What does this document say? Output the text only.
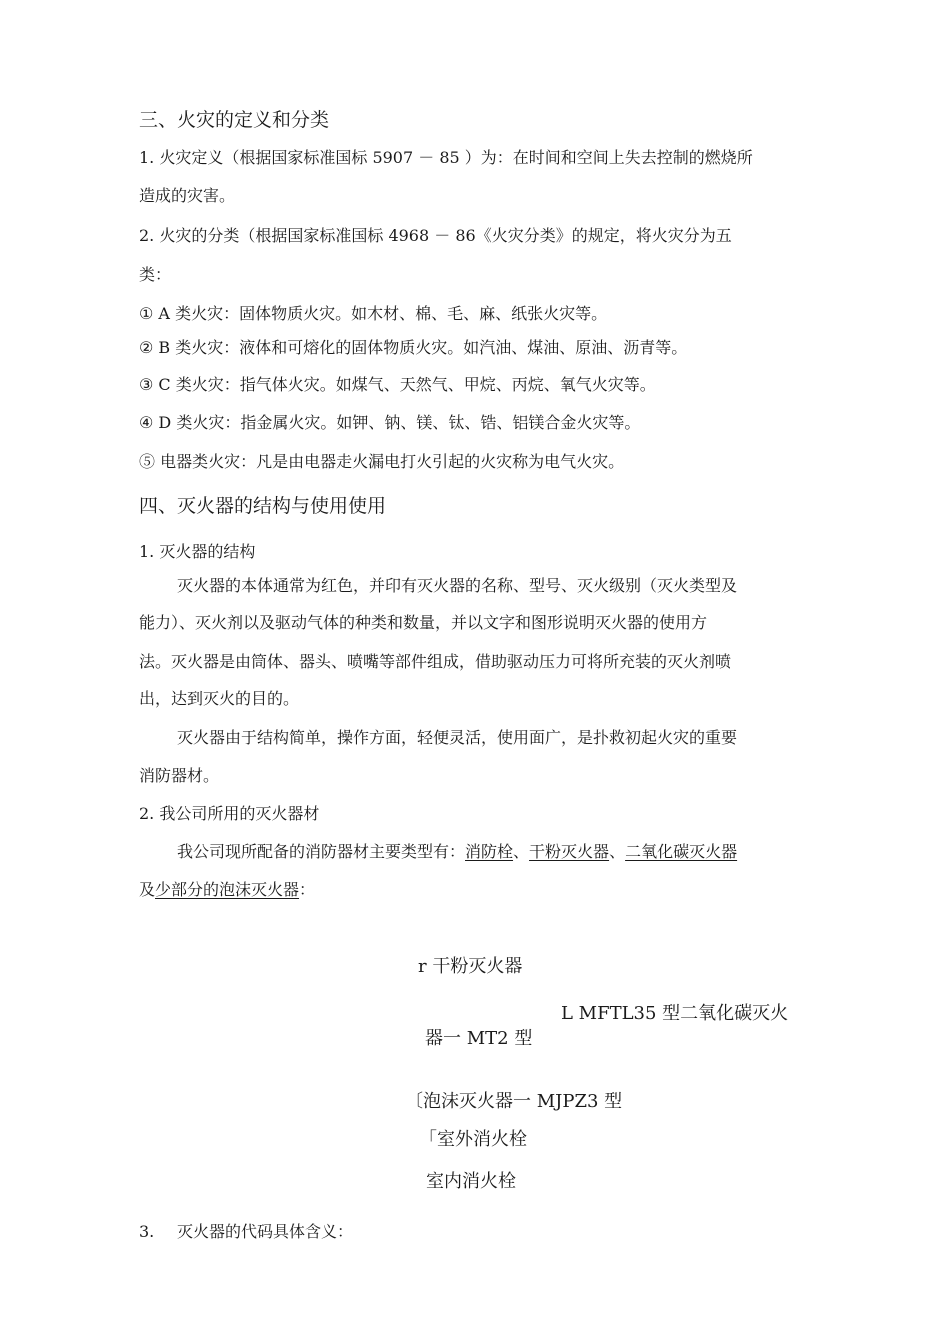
三、火灾的定义和分类
1. 火灾定义（根据国家标准国标 5907 － 85 ）为：在时间和空间上失去控制的燃烧所
造成的灾害。
2. 火灾的分类（根据国家标准国标 4968 － 86《火灾分类》的规定，将火灾分为五
类：
① A 类火灾：固体物质火灾。如木材、棉、毛、麻、纸张火灾等。
② B 类火灾：液体和可熔化的固体物质火灾。如汽油、煤油、原油、沥青等。
③ C 类火灾：指气体火灾。如煤气、天然气、甲烷、丙烷、氧气火灾等。
④ D 类火灾：指金属火灾。如钾、钠、镁、钛、锆、铝镁合金火灾等。
⑤ 电器类火灾：凡是由电器走火漏电打火引起的火灾称为电气火灾。
四、灭火器的结构与使用使用
1. 灭火器的结构
灭火器的本体通常为红色，并印有灭火器的名称、型号、灭火级别（灭火类型及
能力）、灭火剂以及驱动气体的种类和数量，并以文字和图形说明灭火器的使用方
法。灭火器是由筒体、器头、喷嘴等部件组成，借助驱动压力可将所充装的灭火剂喷
出，达到灭火的目的。
灭火器由于结构简单，操作方面，轻便灵活，使用面广，是扑救初起火灾的重要
消防器材。
2. 我公司所用的灭火器材
我公司现所配备的消防器材主要类型有：消防栓、干粉灭火器、二氧化碳灭火器
及少部分的泡沫灭火器：
r 干粉灭火器
L MFTL35 型二氧化碳灭火
器一 MT2 型
〔泡沫灭火器一 MJPZ3 型
「室外消火栓
室内消火栓
3. 灭火器的代码具体含义：
